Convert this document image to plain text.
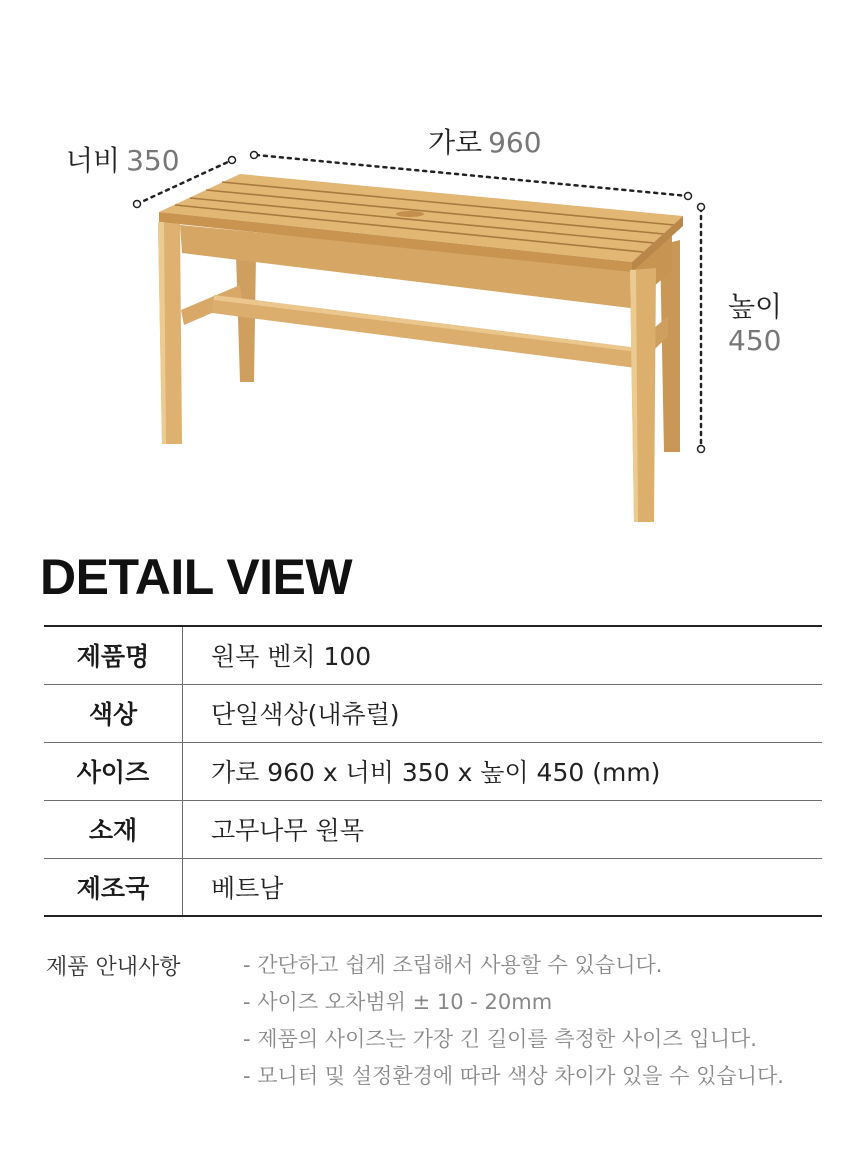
너비 350
가로 960
높이
450
DETAIL VIEW
제품명	원목 벤치 100
색상	단일색상(내츄럴)
사이즈	가로 960 x 너비 350 x 높이 450 (mm)
소재	고무나무 원목
제조국	베트남
제품 안내사항	- 간단하고 쉽게 조립해서 사용할 수 있습니다.
- 사이즈 오차범위 ± 10 - 20mm
- 제품의 사이즈는 가장 긴 길이를 측정한 사이즈 입니다.
- 모니터 및 설정환경에 따라 색상 차이가 있을 수 있습니다.
